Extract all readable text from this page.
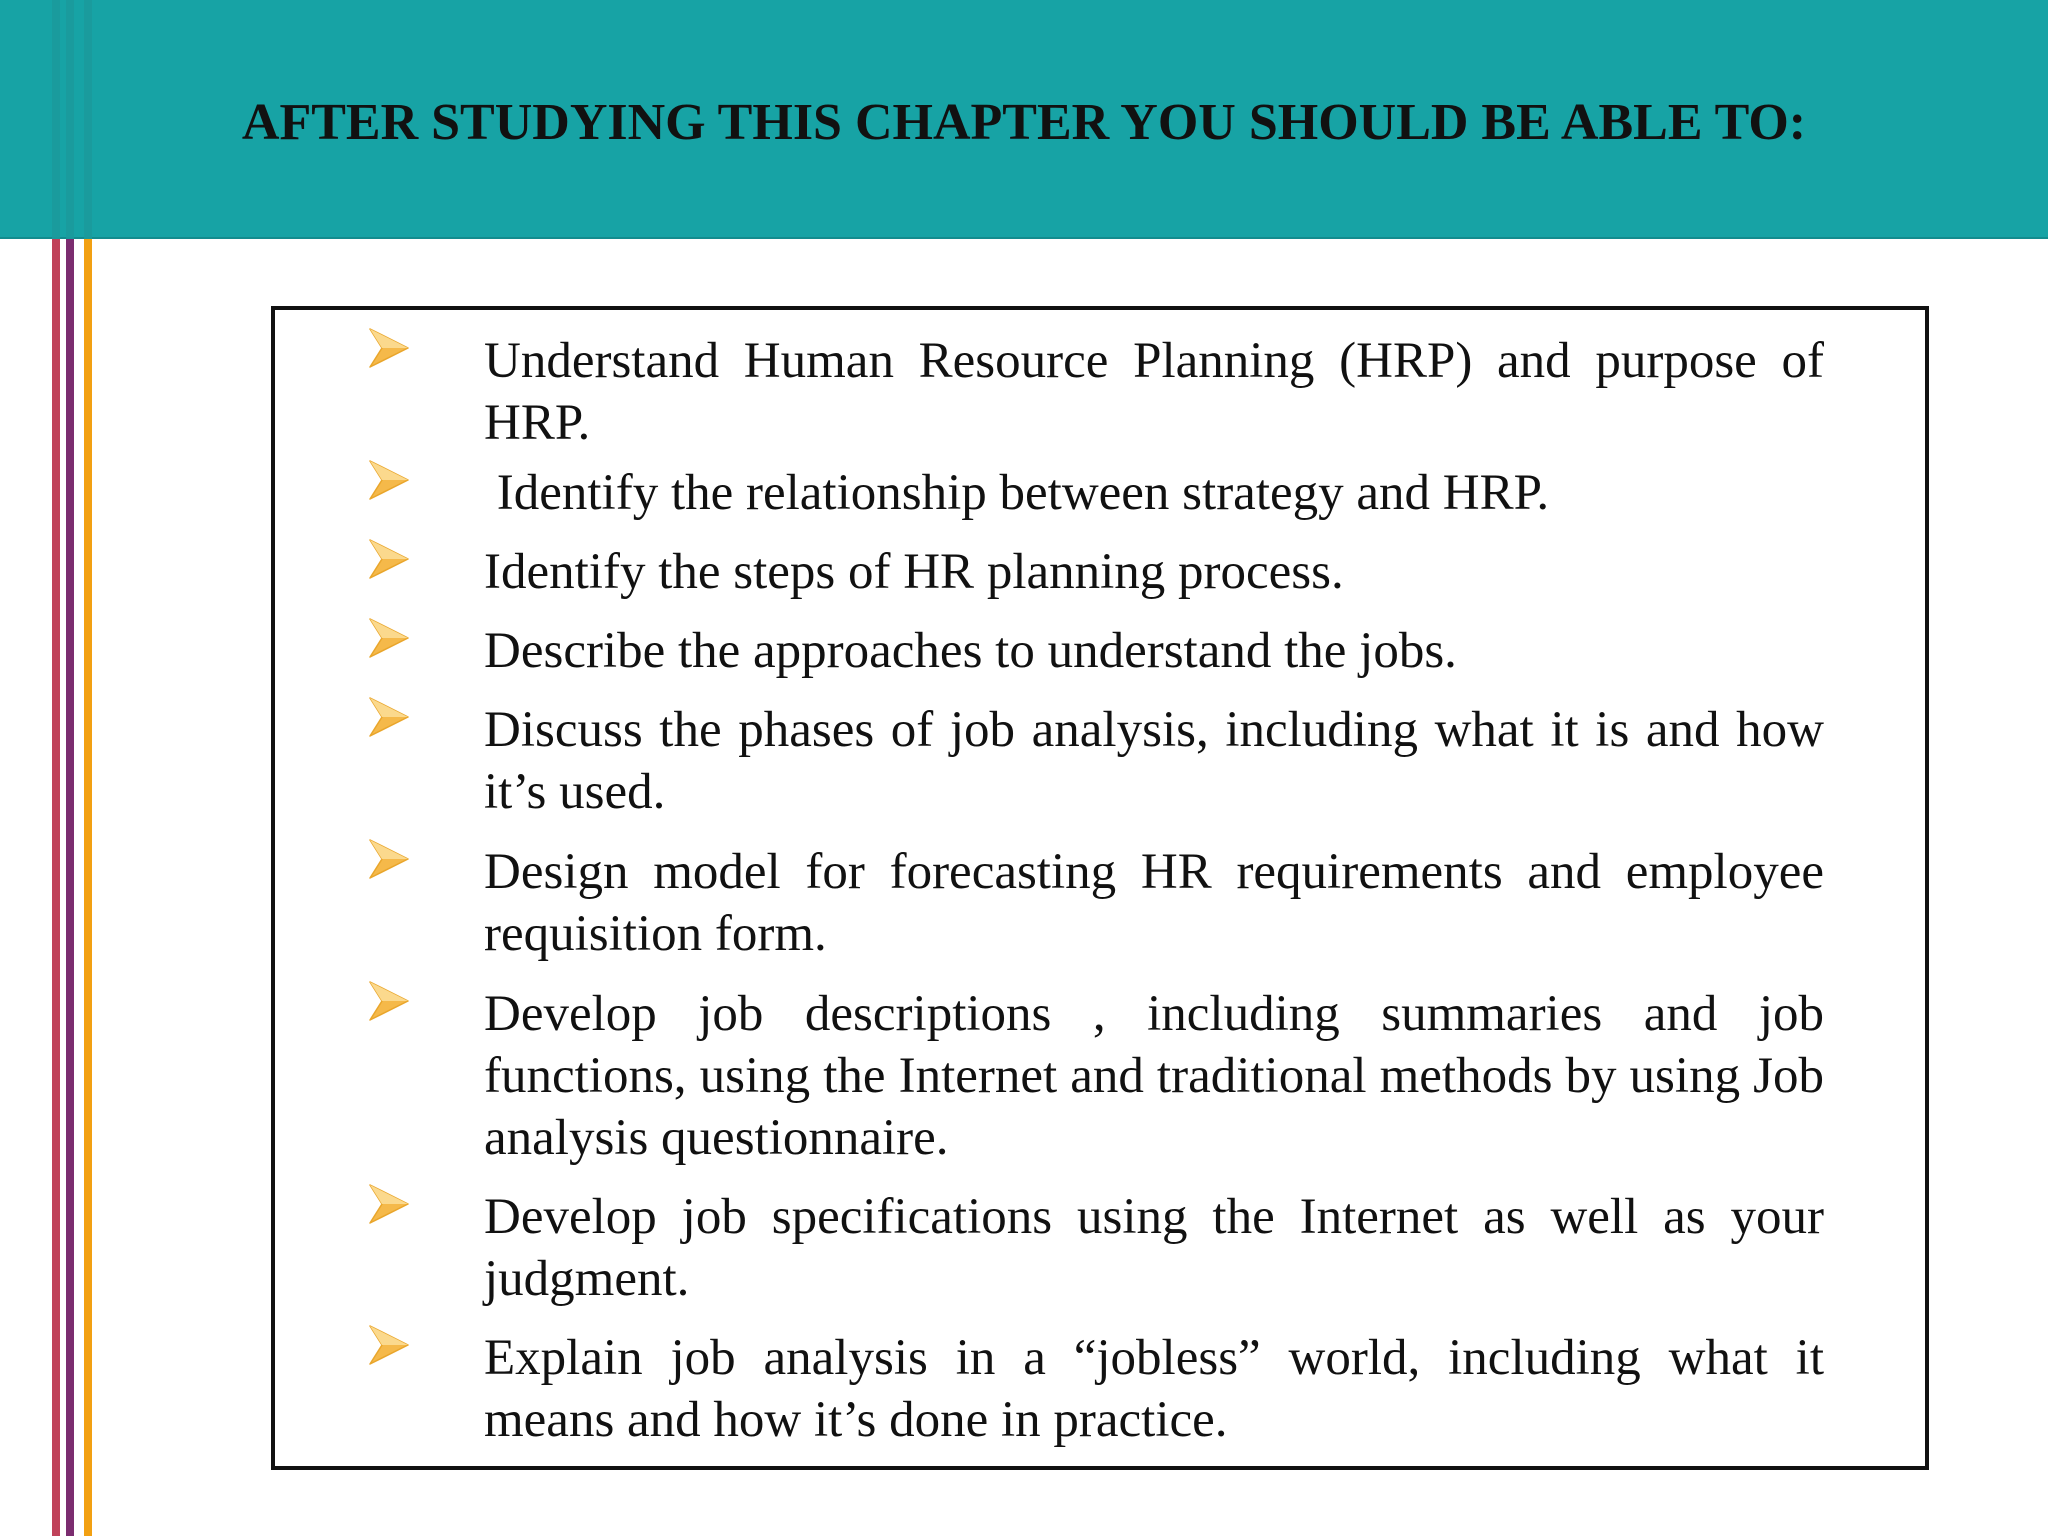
AFTER STUDYING THIS CHAPTER YOU SHOULD BE ABLE TO:

Understand Human Resource Planning (HRP) and purpose of HRP.

Identify the relationship between strategy and HRP.

Identify the steps of HR planning process.

Describe the approaches to understand the jobs.

Discuss the phases of job analysis, including what it is and how it’s used.

Design model for forecasting HR requirements and employee requisition form.

Develop job descriptions , including summaries and job functions, using the Internet and traditional methods by using Job analysis questionnaire.

Develop job specifications using the Internet as well as your judgment.

Explain job analysis in a “jobless” world, including what it means and how it’s done in practice.
